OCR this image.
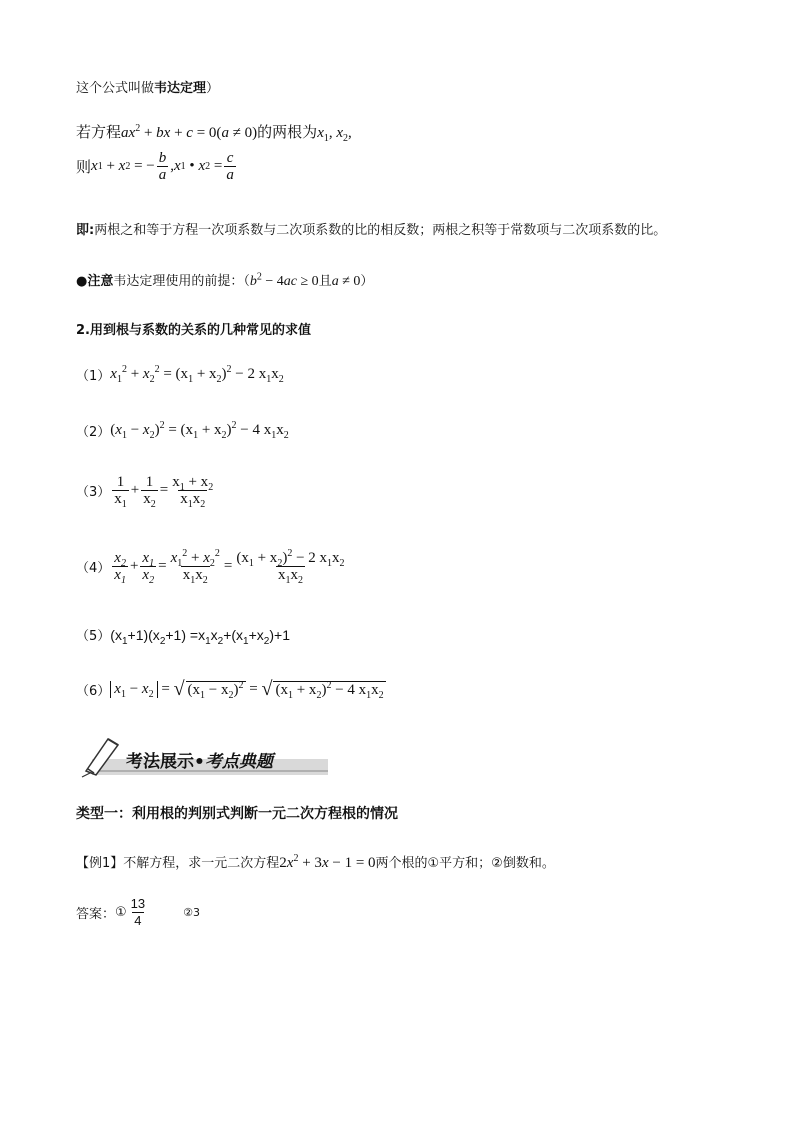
这个公式叫做韦达定理）
若方程$ax^2$ + bx + c = 0(a ≠ 0)的两根为$x_1$, $x_2$,
则 x 1 + x 2 = − $\frac{b}{a}$ , x 1 • x $2 = \frac{c}{a}$
即:两根之和等于方程一次项系数与二次项系数的比的相反数；两根之积等于常数项与二次项系数的比。
●注意韦达定理使用的前提：（$b^2 - 4ac \ge 0$且a ≠ 0）
2.用到根与系数的关系的几种常见的求值
（1） $x_1^2 + x_2^2 = (x_1 + x_2)^2 - 2$ $x_1x_2$
（2） $(x_1 - x_2)^2 = (x_1 + x_2)^2 - 4$ $x_1x_2$
$(3) \frac{1}{x_1} + \frac{1}{x_2} = \frac{x_1 + x_2}{x_1x_2}$
$(4) \frac{x_2}{x_1} + \frac{x_1}{x_2} = \frac{x_1^2 + x_2^2}{x_1x_2} = \frac{(x_1 + x_2)^2 - 2 x_1x_2}{x_1x_2}$
（5） $(x_1+1)(x_2+1) =x_1x_2+(x_1+x_2)+1$
（6） $x_1 - x_2$ = √ $(x_1 - x_2)^2$ = √ $(x_1 + x_2)^2 - 4$ $x_1x_2$
考法展示•考点典题
类型一：利用根的判别式判断一元二次方程根的情况
【例1】不解方程，求一元二次方程$2x^2 + 3x - 1 = 0$两个根的①平方和；②倒数和。
答案： ① $\frac{13}{4}$	② 3
